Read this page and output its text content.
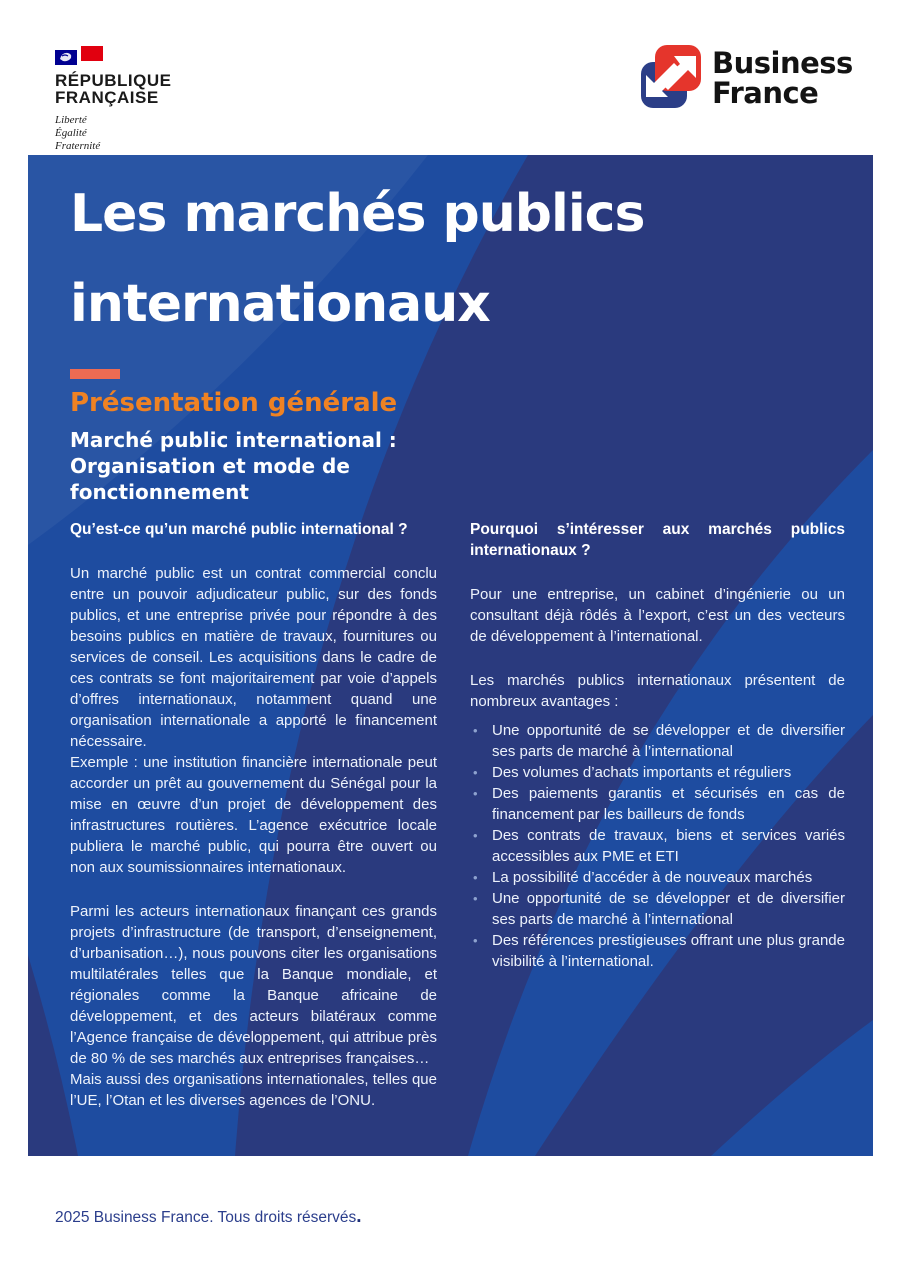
RÉPUBLIQUE
FRANÇAISE
Liberté
Égalité
Fraternité
Business
France
Les marchés publics
internationaux
Présentation générale
Marché public international :
Organisation et mode de
fonctionnement
Qu’est-ce qu’un marché public international ?

Un marché public est un contrat commercial conclu entre un pouvoir adjudicateur public, sur des fonds publics, et une entreprise privée pour répondre à des besoins publics en matière de travaux, fournitures ou services de conseil. Les acquisitions dans le cadre de ces contrats se font majoritairement par voie d’appels d’offres internationaux, notamment quand une organisation internationale a apporté le financement nécessaire.

Exemple : une institution financière internationale peut accorder un prêt au gouvernement du Sénégal pour la mise en œuvre d’un projet de développement des infrastructures routières. L’agence exécutrice locale publiera le marché public, qui pourra être ouvert ou non aux soumissionnaires internationaux.

Parmi les acteurs internationaux finançant ces grands projets d’infrastructure (de transport, d’enseignement, d’urbanisation…), nous pouvons citer les organisations multilatérales telles que la Banque mondiale, et régionales comme la Banque africaine de développement, et des acteurs bilatéraux comme l’Agence française de développement, qui attribue près de 80 % de ses marchés aux entreprises françaises…

Mais aussi des organisations internationales, telles que l’UE, l’Otan et les diverses agences de l’ONU.

Pourquoi s’intéresser aux marchés publics internationaux ?

Pour une entreprise, un cabinet d’ingénierie ou un consultant déjà rôdés à l’export, c’est un des vecteurs de développement à l’international.

Les marchés publics internationaux présentent de nombreux avantages :

• Une opportunité de se développer et de diversifier ses parts de marché à l’international
• Des volumes d’achats importants et réguliers
• Des paiements garantis et sécurisés en cas de financement par les bailleurs de fonds
• Des contrats de travaux, biens et services variés accessibles aux PME et ETI
• La possibilité d’accéder à de nouveaux marchés
• Une opportunité de se développer et de diversifier ses parts de marché à l’international
• Des références prestigieuses offrant une plus grande visibilité à l’international.
2025 Business France. Tous droits réservés.
